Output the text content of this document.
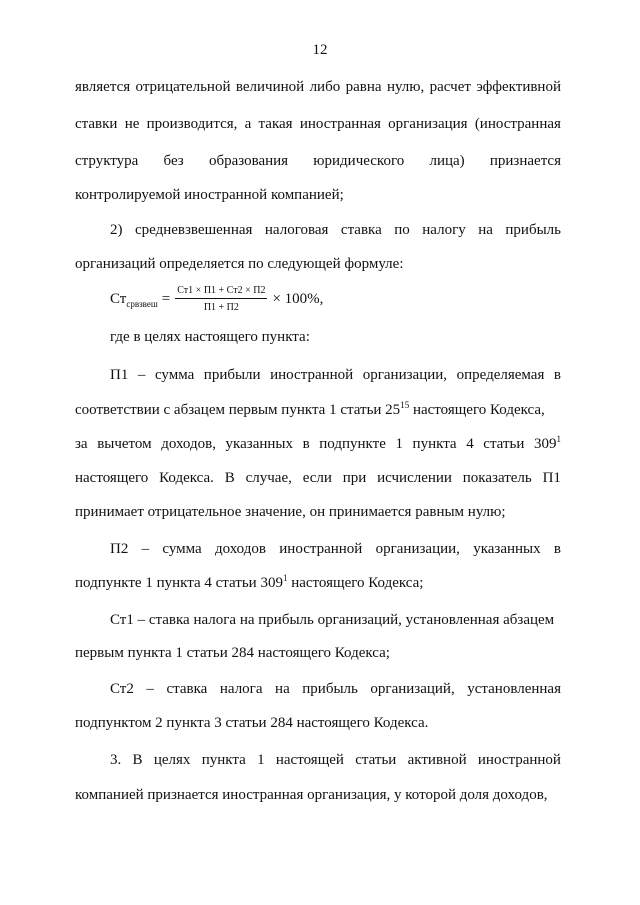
12
является отрицательной величиной либо равна нулю, расчет эффективной
ставки не производится, а такая иностранная организация (иностранная
структура без образования юридического лица) признается
контролируемой иностранной компанией;
2) средневзвешенная налоговая ставка по налогу на прибыль
организаций определяется по следующей формуле:
Ст срвзвеш = $\frac{Ст1 \times П1 + Ст2 \times П2}{П1 + П2} \times 100\%$,
где в целях настоящего пункта:
П1 – сумма прибыли иностранной организации, определяемая в
соответствии с абзацем первым пункта 1 статьи $25^{15}$ настоящего Кодекса,
за вычетом доходов, указанных в подпункте 1 пункта 4 статьи $309^1$
настоящего Кодекса. В случае, если при исчислении показатель П1
принимает отрицательное значение, он принимается равным нулю;
П2 – сумма доходов иностранной организации, указанных в
подпункте 1 пункта 4 статьи $309^1$ настоящего Кодекса;
Ст1 – ставка налога на прибыль организаций, установленная абзацем
первым пункта 1 статьи 284 настоящего Кодекса;
Ст2 – ставка налога на прибыль организаций, установленная
подпунктом 2 пункта 3 статьи 284 настоящего Кодекса.
3. В целях пункта 1 настоящей статьи активной иностранной
компанией признается иностранная организация, у которой доля доходов,
